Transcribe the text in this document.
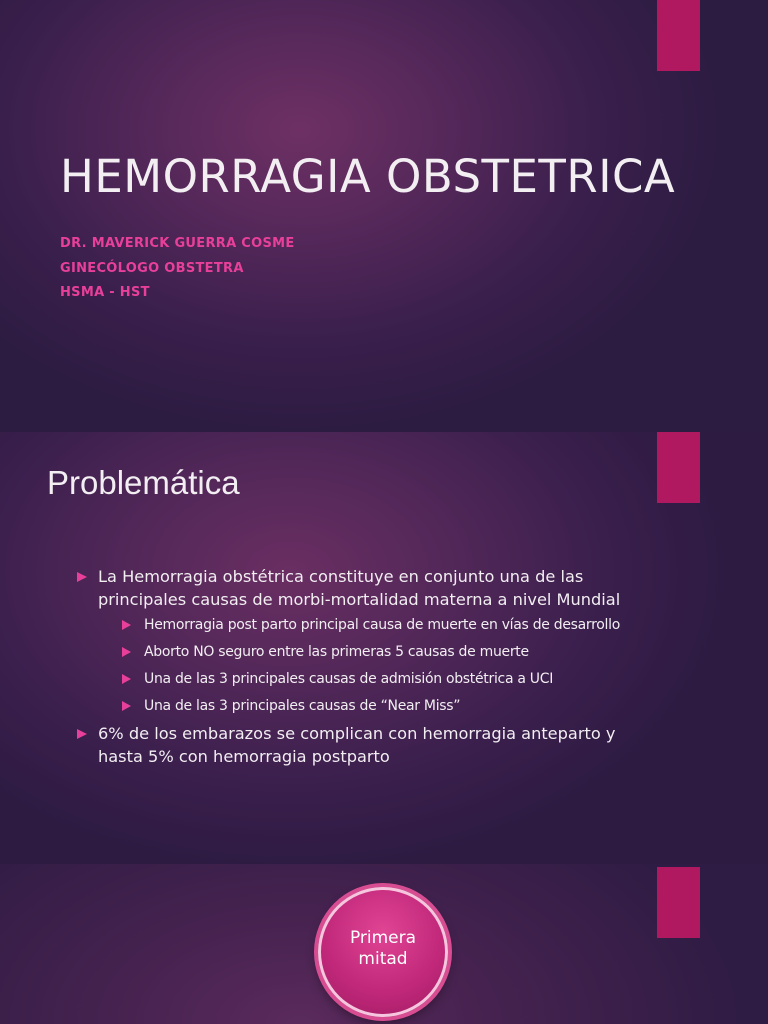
HEMORRAGIA OBSTETRICA
DR. MAVERICK GUERRA COSME
GINECÓLOGO OBSTETRA
HSMA - HST
Problemática
La Hemorragia obstétrica constituye en conjunto una de las principales causas de morbi-mortalidad materna a nivel Mundial
Hemorragia post parto principal causa de muerte en vías de desarrollo
Aborto NO seguro entre las primeras 5 causas de muerte
Una de las 3 principales causas de admisión obstétrica a UCI
Una de las 3 principales causas de “Near Miss”
6% de los embarazos se complican con hemorragia anteparto y hasta 5% con hemorragia postparto
Primera
mitad
